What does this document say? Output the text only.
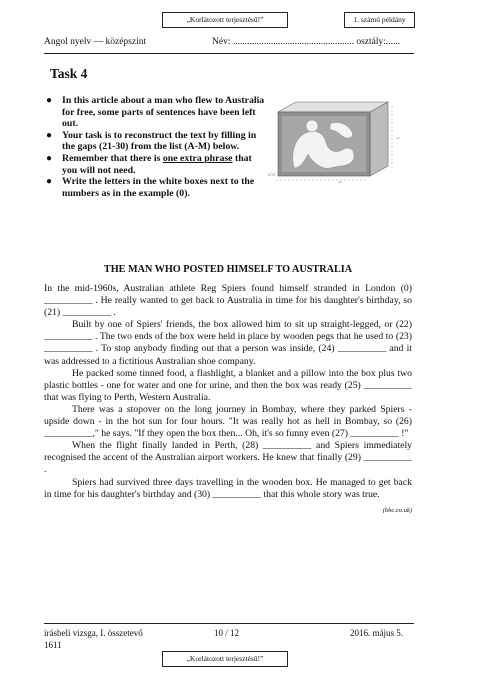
„Korlátozott terjesztésű!”	1. számú példány
Angol nyelv — középszint	Név: ................................................... osztály:......
Task 4
● In this article about a man who flew to Australia for free, some parts of sentences have been left out.
● Your task is to reconstruct the text by filling in the gaps (21-30) from the list (A-M) below.
● Remember that there is one extra phrase that you will not need.
● Write the letters in the white boxes next to the numbers as in the example (0).
??
2.13
??
THE MAN WHO POSTED HIMSELF TO AUSTRALIA

In the mid-1960s, Australian athlete Reg Spiers found himself stranded in London (0) __________ . He really wanted to get back to Australia in time for his daughter's birthday, so (21) __________ .

Built by one of Spiers' friends, the box allowed him to sit up straight-legged, or (22) __________ . The two ends of the box were held in place by wooden pegs that he used to (23) __________ . To stop anybody finding out that a person was inside, (24) __________ and it was addressed to a fictitious Australian shoe company.

He packed some tinned food, a flashlight, a blanket and a pillow into the box plus two plastic bottles - one for water and one for urine, and then the box was ready (25) __________ that was flying to Perth, Western Australia.

There was a stopover on the long journey in Bombay, where they parked Spiers - upside down - in the hot sun for four hours. "It was really hot as hell in Bombay, so (26) __________," he says. "If they open the box then... Oh, it's so funny even (27) __________ !"

When the flight finally landed in Perth, (28) __________ and Spiers immediately recognised the accent of the Australian airport workers. He knew that finally (29) __________ .

Spiers had survived three days travelling in the wooden box. He managed to get back in time for his daughter's birthday and (30) __________ that this whole story was true.

(bbc.co.uk)
írásbeli vizsga, I. összetevő
1611
10 / 12	2016. május 5.
„Korlátozott terjesztésű!”
